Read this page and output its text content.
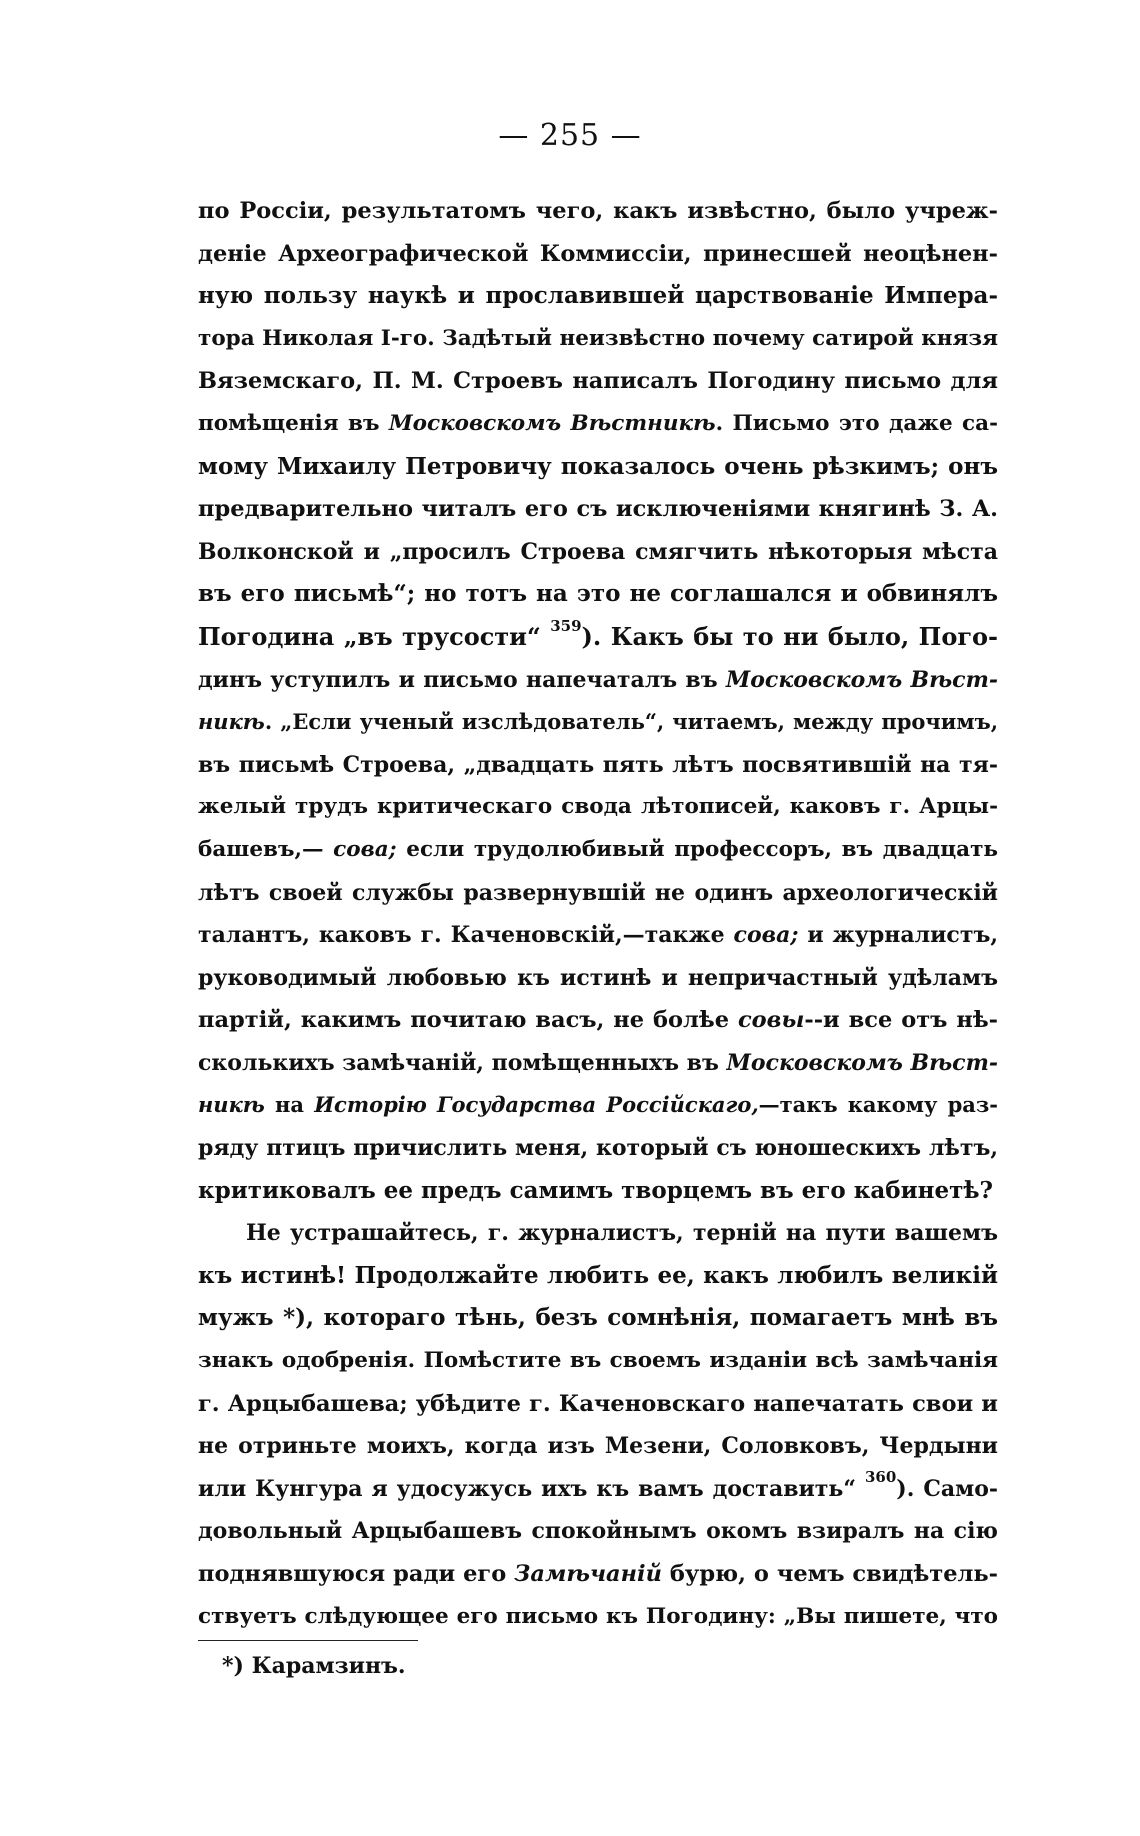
— 255 —
по Россіи, результатомъ чего, какъ извѣстно, было учреж-
деніе Археографической Коммиссіи, принесшей неоцѣнен-
ную пользу наукѣ и прославившей царствованіе Импера-
тора Николая I-го. Задѣтый неизвѣстно почему сатирой князя
Вяземскаго, П. М. Строевъ написалъ Погодину письмо для
помѣщенія въ Московскомъ Вѣстникѣ. Письмо это даже са-
мому Михаилу Петровичу показалось очень рѣзкимъ; онъ
предварительно читалъ его съ исключеніями княгинѣ З. А.
Волконской и „просилъ Строева смягчить нѣкоторыя мѣста
въ его письмѣ“; но тотъ на это не соглашался и обвинялъ
Погодина „въ трусости“ $^{359}$). Какъ бы то ни было, Пого-
динъ уступилъ и письмо напечаталъ въ Московскомъ Вѣст-
никѣ. „Если ученый изслѣдователь“, читаемъ, между прочимъ,
въ письмѣ Строева, „двадцать пять лѣтъ посвятившій на тя-
желый трудъ критическаго свода лѣтописей, каковъ г. Арцы-
башевъ,— сова; если трудолюбивый профессоръ, въ двадцать
лѣтъ своей службы развернувшій не одинъ археологическій
талантъ, каковъ г. Каченовскій,—также сова; и журналистъ,
руководимый любовью къ истинѣ и непричастный удѣламъ
партій, какимъ почитаю васъ, не болѣе совы--и все отъ нѣ-
сколькихъ замѣчаній, помѣщенныхъ въ Московскомъ Вѣст-
никѣ на Исторію Государства Россійскаго,—такъ какому раз-
ряду птицъ причислить меня, который съ юношескихъ лѣтъ,
критиковалъ ее предъ самимъ творцемъ въ его кабинетѣ?
Не устрашайтесь, г. журналистъ, терній на пути вашемъ
къ истинѣ! Продолжайте любить ее, какъ любилъ великій
мужъ *), котораго тѣнь, безъ сомнѣнія, помагаетъ мнѣ въ
знакъ одобренія. Помѣстите въ своемъ изданіи всѣ замѣчанія
г. Арцыбашева; убѣдите г. Каченовскаго напечатать свои и
не отриньте моихъ, когда изъ Мезени, Соловковъ, Чердыни
или Кунгура я удосужусь ихъ къ вамъ доставить“ $^{360}$). Само-
довольный Арцыбашевъ спокойнымъ окомъ взиралъ на сію
поднявшуюся ради его Замѣчаній бурю, о чемъ свидѣтель-
ствуетъ слѣдующее его письмо къ Погодину: „Вы пишете, что
*) Карамзинъ.
